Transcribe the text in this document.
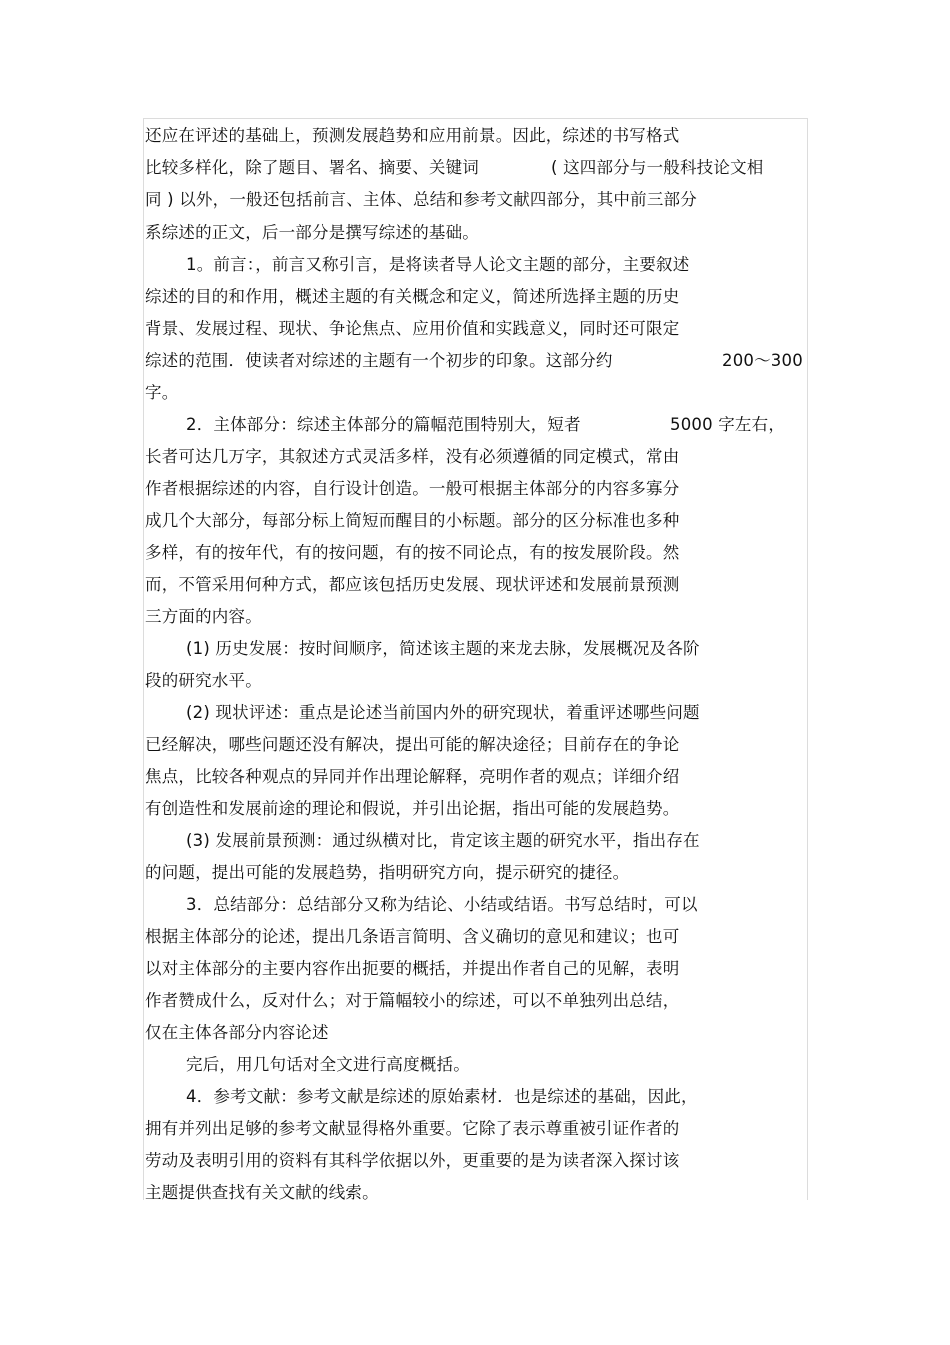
还应在评述的基础上，预测发展趋势和应用前景。因此，综述的书写格式
比较多样化，除了题目、署名、摘要、关键词	( 这四部分与一般科技论文相
同 ) 以外，一般还包括前言、主体、总结和参考文献四部分，其中前三部分
系综述的正文，后一部分是撰写综述的基础。
1。前言：，前言又称引言，是将读者导人论文主题的部分，主要叙述
综述的目的和作用，概述主题的有关概念和定义，简述所选择主题的历史
背景、发展过程、现状、争论焦点、应用价值和实践意义，同时还可限定
综述的范围．使读者对综述的主题有一个初步的印象。这部分约	200～300
字。
2．主体部分：综述主体部分的篇幅范围特别大，短者	5000 字左右，
长者可达几万字，其叙述方式灵活多样，没有必须遵循的同定模式，常由
作者根据综述的内容，自行设计创造。一般可根据主体部分的内容多寡分
成几个大部分，每部分标上简短而醒目的小标题。部分的区分标准也多种
多样，有的按年代，有的按问题，有的按不同论点，有的按发展阶段。然
而，不管采用何种方式，都应该包括历史发展、现状评述和发展前景预测
三方面的内容。
(1) 历史发展：按时间顺序，简述该主题的来龙去脉，发展概况及各阶
段的研究水平。
(2) 现状评述：重点是论述当前国内外的研究现状，着重评述哪些问题
已经解决，哪些问题还没有解决，提出可能的解决途径；目前存在的争论
焦点，比较各种观点的异同并作出理论解释，亮明作者的观点；详细介绍
有创造性和发展前途的理论和假说，并引出论据，指出可能的发展趋势。
(3) 发展前景预测：通过纵横对比，肯定该主题的研究水平，指出存在
的问题，提出可能的发展趋势，指明研究方向，提示研究的捷径。
3．总结部分：总结部分又称为结论、小结或结语。书写总结时，可以
根据主体部分的论述，提出几条语言简明、含义确切的意见和建议；也可
以对主体部分的主要内容作出扼要的概括，并提出作者自己的见解，表明
作者赞成什么，反对什么；对于篇幅较小的综述，可以不单独列出总结，
仅在主体各部分内容论述
完后，用几句话对全文进行高度概括。
4．参考文献：参考文献是综述的原始素材．也是综述的基础，因此，
拥有并列出足够的参考文献显得格外重要。它除了表示尊重被引证作者的
劳动及表明引用的资料有其科学依据以外，更重要的是为读者深入探讨该
主题提供查找有关文献的线索。
